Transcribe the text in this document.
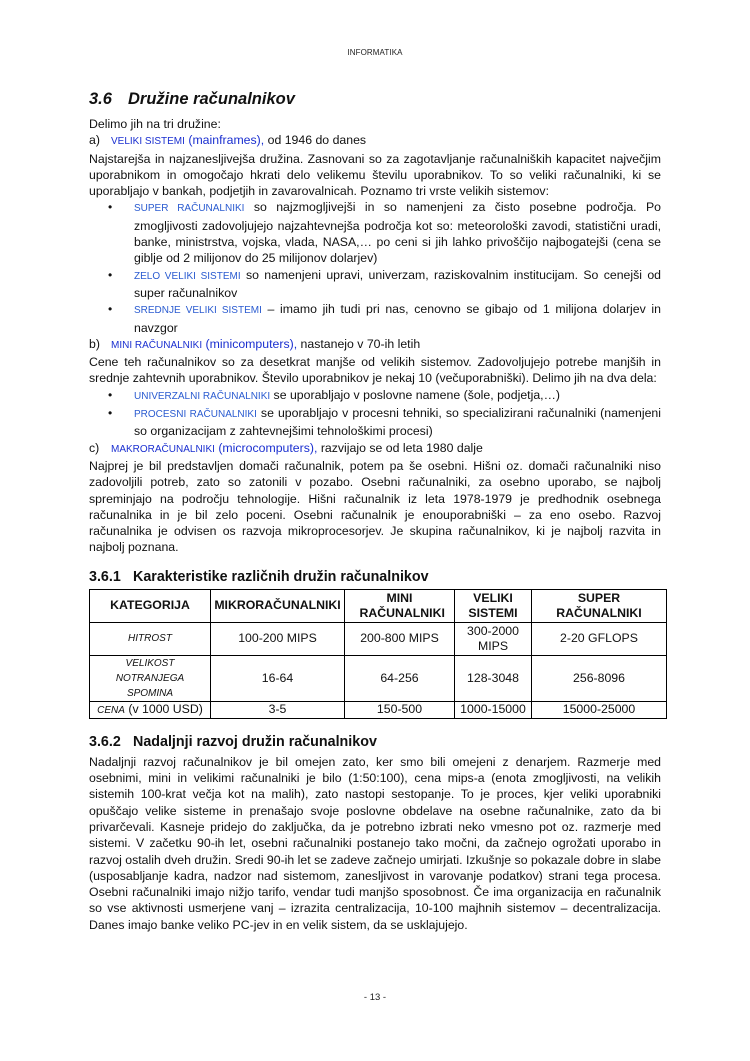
INFORMATIKA
3.6 Družine računalnikov

Delimo jih na tri družine:

a) VELIKI SISTEMI (mainframes), od 1946 do danes

Najstarejša in najzanesljivejša družina. Zasnovani so za zagotavljanje računalniških kapacitet največjim uporabnikom in omogočajo hkrati delo velikemu številu uporabnikov. To so veliki računalniki, ki se uporabljajo v bankah, podjetjih in zavarovalnicah. Poznamo tri vrste velikih sistemov:

• SUPER RAČUNALNIKI so najzmogljivejši in so namenjeni za čisto posebne področja. Po zmogljivosti zadovoljujejo najzahtevnejša področja kot so: meteorološki zavodi, statistični uradi, banke, ministrstva, vojska, vlada, NASA,… po ceni si jih lahko privoščijo najbogatejši (cena se giblje od 2 milijonov do 25 milijonov dolarjev)
• ZELO VELIKI SISTEMI so namenjeni upravi, univerzam, raziskovalnim institucijam. So cenejši od super računalnikov
• SREDNJE VELIKI SISTEMI – imamo jih tudi pri nas, cenovno se gibajo od 1 milijona dolarjev in navzgor
b) MINI RAČUNALNIKI (minicomputers), nastanejo v 70-ih letih

Cene teh računalnikov so za desetkrat manjše od velikih sistemov. Zadovoljujejo potrebe manjših in srednje zahtevnih uporabnikov. Število uporabnikov je nekaj 10 (večuporabniški). Delimo jih na dva dela:

• UNIVERZALNI RAČUNALNIKI se uporabljajo v poslovne namene (šole, podjetja,…)
• PROCESNI RAČUNALNIKI se uporabljajo v procesni tehniki, so specializirani računalniki (namenjeni so organizacijam z zahtevnejšimi tehnološkimi procesi)
c) MAKRORAČUNALNIKI (microcomputers), razvijajo se od leta 1980 dalje

Najprej je bil predstavljen domači računalnik, potem pa še osebni. Hišni oz. domači računalniki niso zadovoljili potreb, zato so zatonili v pozabo. Osebni računalniki, za osebno uporabo, se najbolj spreminjajo na področju tehnologije. Hišni računalnik iz leta 1978-1979 je predhodnik osebnega računalnika in je bil zelo poceni. Osebni računalnik je enouporabniški – za eno osebo. Razvoj računalnika je odvisen os razvoja mikroprocesorjev. Je skupina računalnikov, ki je najbolj razvita in najbolj poznana.

3.6.1 Karakteristike različnih družin računalnikov
KATEGORIJA	MIKRORAČUNALNIKI	MINI RAČUNALNIKI	VELIKI SISTEMI	SUPER RAČUNALNIKI
HITROST	100-200 MIPS	200-800 MIPS	300-2000 MIPS	2-20 GFLOPS
VELIKOST NOTRANJEGA SPOMINA	16-64	64-256	128-3048	256-8096
CENA (v 1000 USD)	3-5	150-500	1000-15000	15000-25000
3.6.2 Nadaljnji razvoj družin računalnikov

Nadaljnji razvoj računalnikov je bil omejen zato, ker smo bili omejeni z denarjem. Razmerje med osebnimi, mini in velikimi računalniki je bilo (1:50:100), cena mips-a (enota zmogljivosti, na velikih sistemih 100-krat večja kot na malih), zato nastopi sestopanje. To je proces, kjer veliki uporabniki opuščajo velike sisteme in prenašajo svoje poslovne obdelave na osebne računalnike, zato da bi privarčevali. Kasneje pridejo do zaključka, da je potrebno izbrati neko vmesno pot oz. razmerje med sistemi. V začetku 90-ih let, osebni računalniki postanejo tako močni, da začnejo ogrožati uporabo in razvoj ostalih dveh družin. Sredi 90-ih let se zadeve začnejo umirjati. Izkušnje so pokazale dobre in slabe (usposabljanje kadra, nadzor nad sistemom, zanesljivost in varovanje podatkov) strani tega procesa. Osebni računalniki imajo nižjo tarifo, vendar tudi manjšo sposobnost. Če ima organizacija en računalnik so vse aktivnosti usmerjene vanj – izrazita centralizacija, 10-100 majhnih sistemov – decentralizacija. Danes imajo banke veliko PC-jev in en velik sistem, da se usklajujejo.

- 13 -
